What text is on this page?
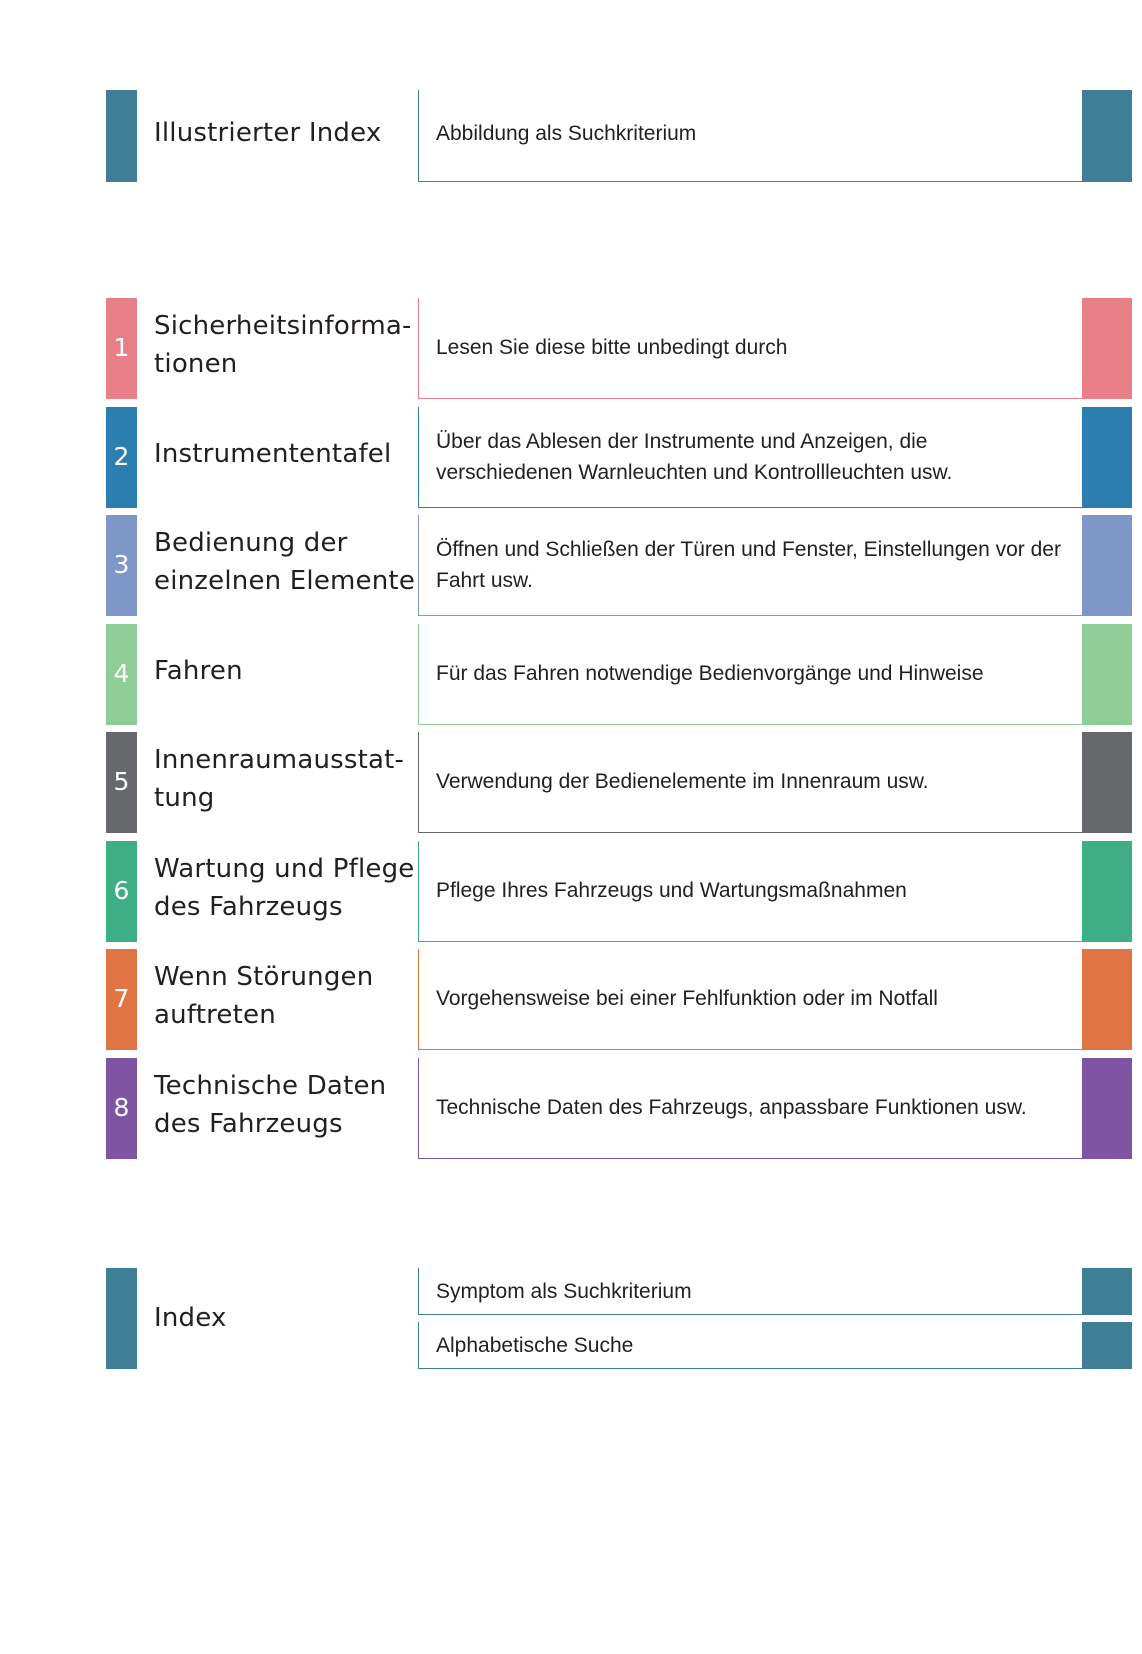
Illustrierter Index	Abbildung als Suchkriterium
1
Sicherheitsinforma-
tionen
Lesen Sie diese bitte unbedingt durch
2 Instrumententafel Über das Ablesen der Instrumente und Anzeigen, die
verschiedenen Warnleuchten und Kontrollleuchten usw.
3
Bedienung der
einzelnen Elemente
Öffnen und Schließen der Türen und Fenster, Einstellungen vor der
Fahrt usw.
4 Fahren	Für das Fahren notwendige Bedienvorgänge und Hinweise
5
Innenraumausstat-
tung
Verwendung der Bedienelemente im Innenraum usw.
6
Wartung und Pflege
des Fahrzeugs
Pflege Ihres Fahrzeugs und Wartungsmaßnahmen
7
Wenn Störungen
auftreten
Vorgehensweise bei einer Fehlfunktion oder im Notfall
8
Technische Daten
des Fahrzeugs
Technische Daten des Fahrzeugs, anpassbare Funktionen usw.
Index
Symptom als Suchkriterium
Alphabetische Suche
